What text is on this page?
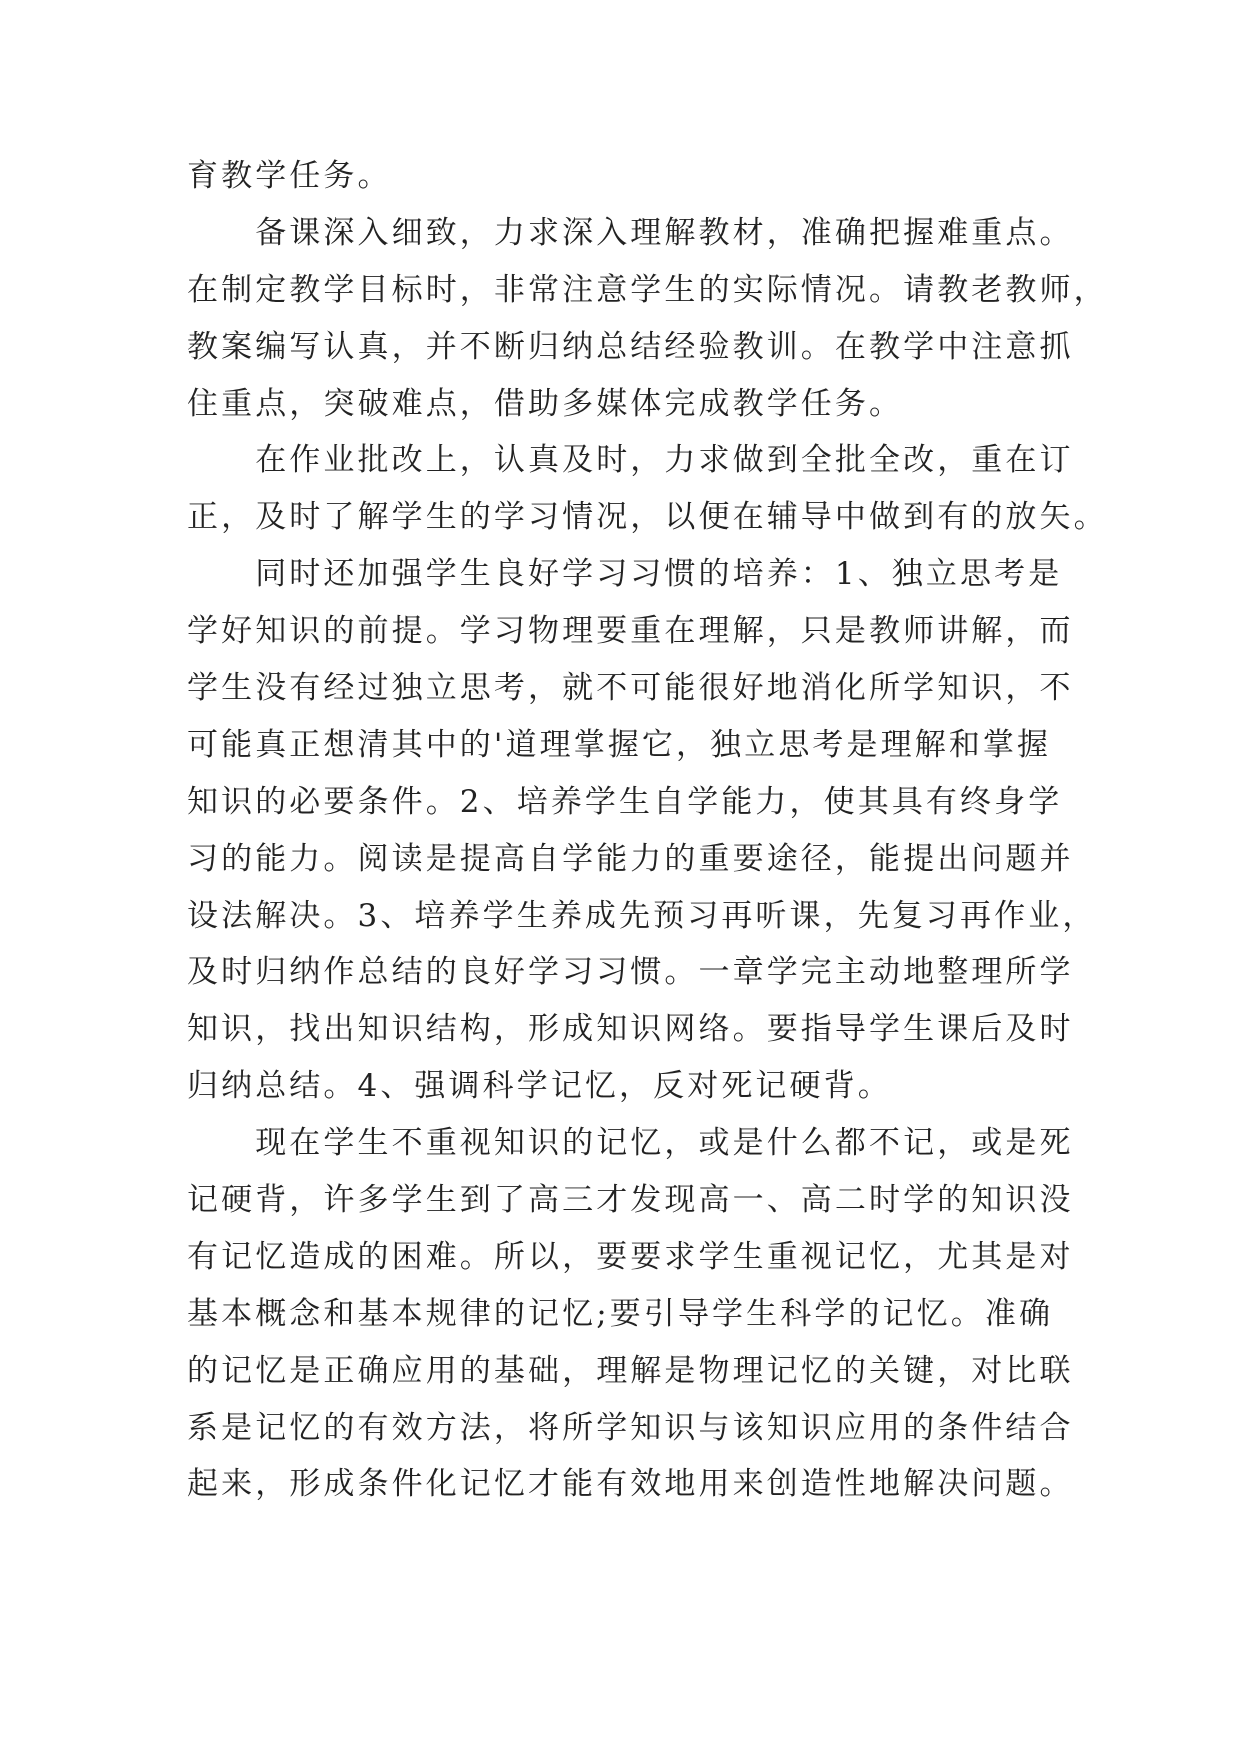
育教学任务。
　　备课深入细致，力求深入理解教材，准确把握难重点。
在制定教学目标时，非常注意学生的实际情况。请教老教师，
教案编写认真，并不断归纳总结经验教训。在教学中注意抓
住重点，突破难点，借助多媒体完成教学任务。
　　在作业批改上，认真及时，力求做到全批全改，重在订
正，及时了解学生的学习情况，以便在辅导中做到有的放矢。
　　同时还加强学生良好学习习惯的培养：1、独立思考是
学好知识的前提。学习物理要重在理解，只是教师讲解，而
学生没有经过独立思考，就不可能很好地消化所学知识，不
可能真正想清其中的'道理掌握它，独立思考是理解和掌握
知识的必要条件。2、培养学生自学能力，使其具有终身学
习的能力。阅读是提高自学能力的重要途径，能提出问题并
设法解决。3、培养学生养成先预习再听课，先复习再作业，
及时归纳作总结的良好学习习惯。一章学完主动地整理所学
知识，找出知识结构，形成知识网络。要指导学生课后及时
归纳总结。4、强调科学记忆，反对死记硬背。
　　现在学生不重视知识的记忆，或是什么都不记，或是死
记硬背，许多学生到了高三才发现高一、高二时学的知识没
有记忆造成的困难。所以，要要求学生重视记忆，尤其是对
基本概念和基本规律的记忆;要引导学生科学的记忆。准确
的记忆是正确应用的基础，理解是物理记忆的关键，对比联
系是记忆的有效方法，将所学知识与该知识应用的条件结合
起来，形成条件化记忆才能有效地用来创造性地解决问题。
